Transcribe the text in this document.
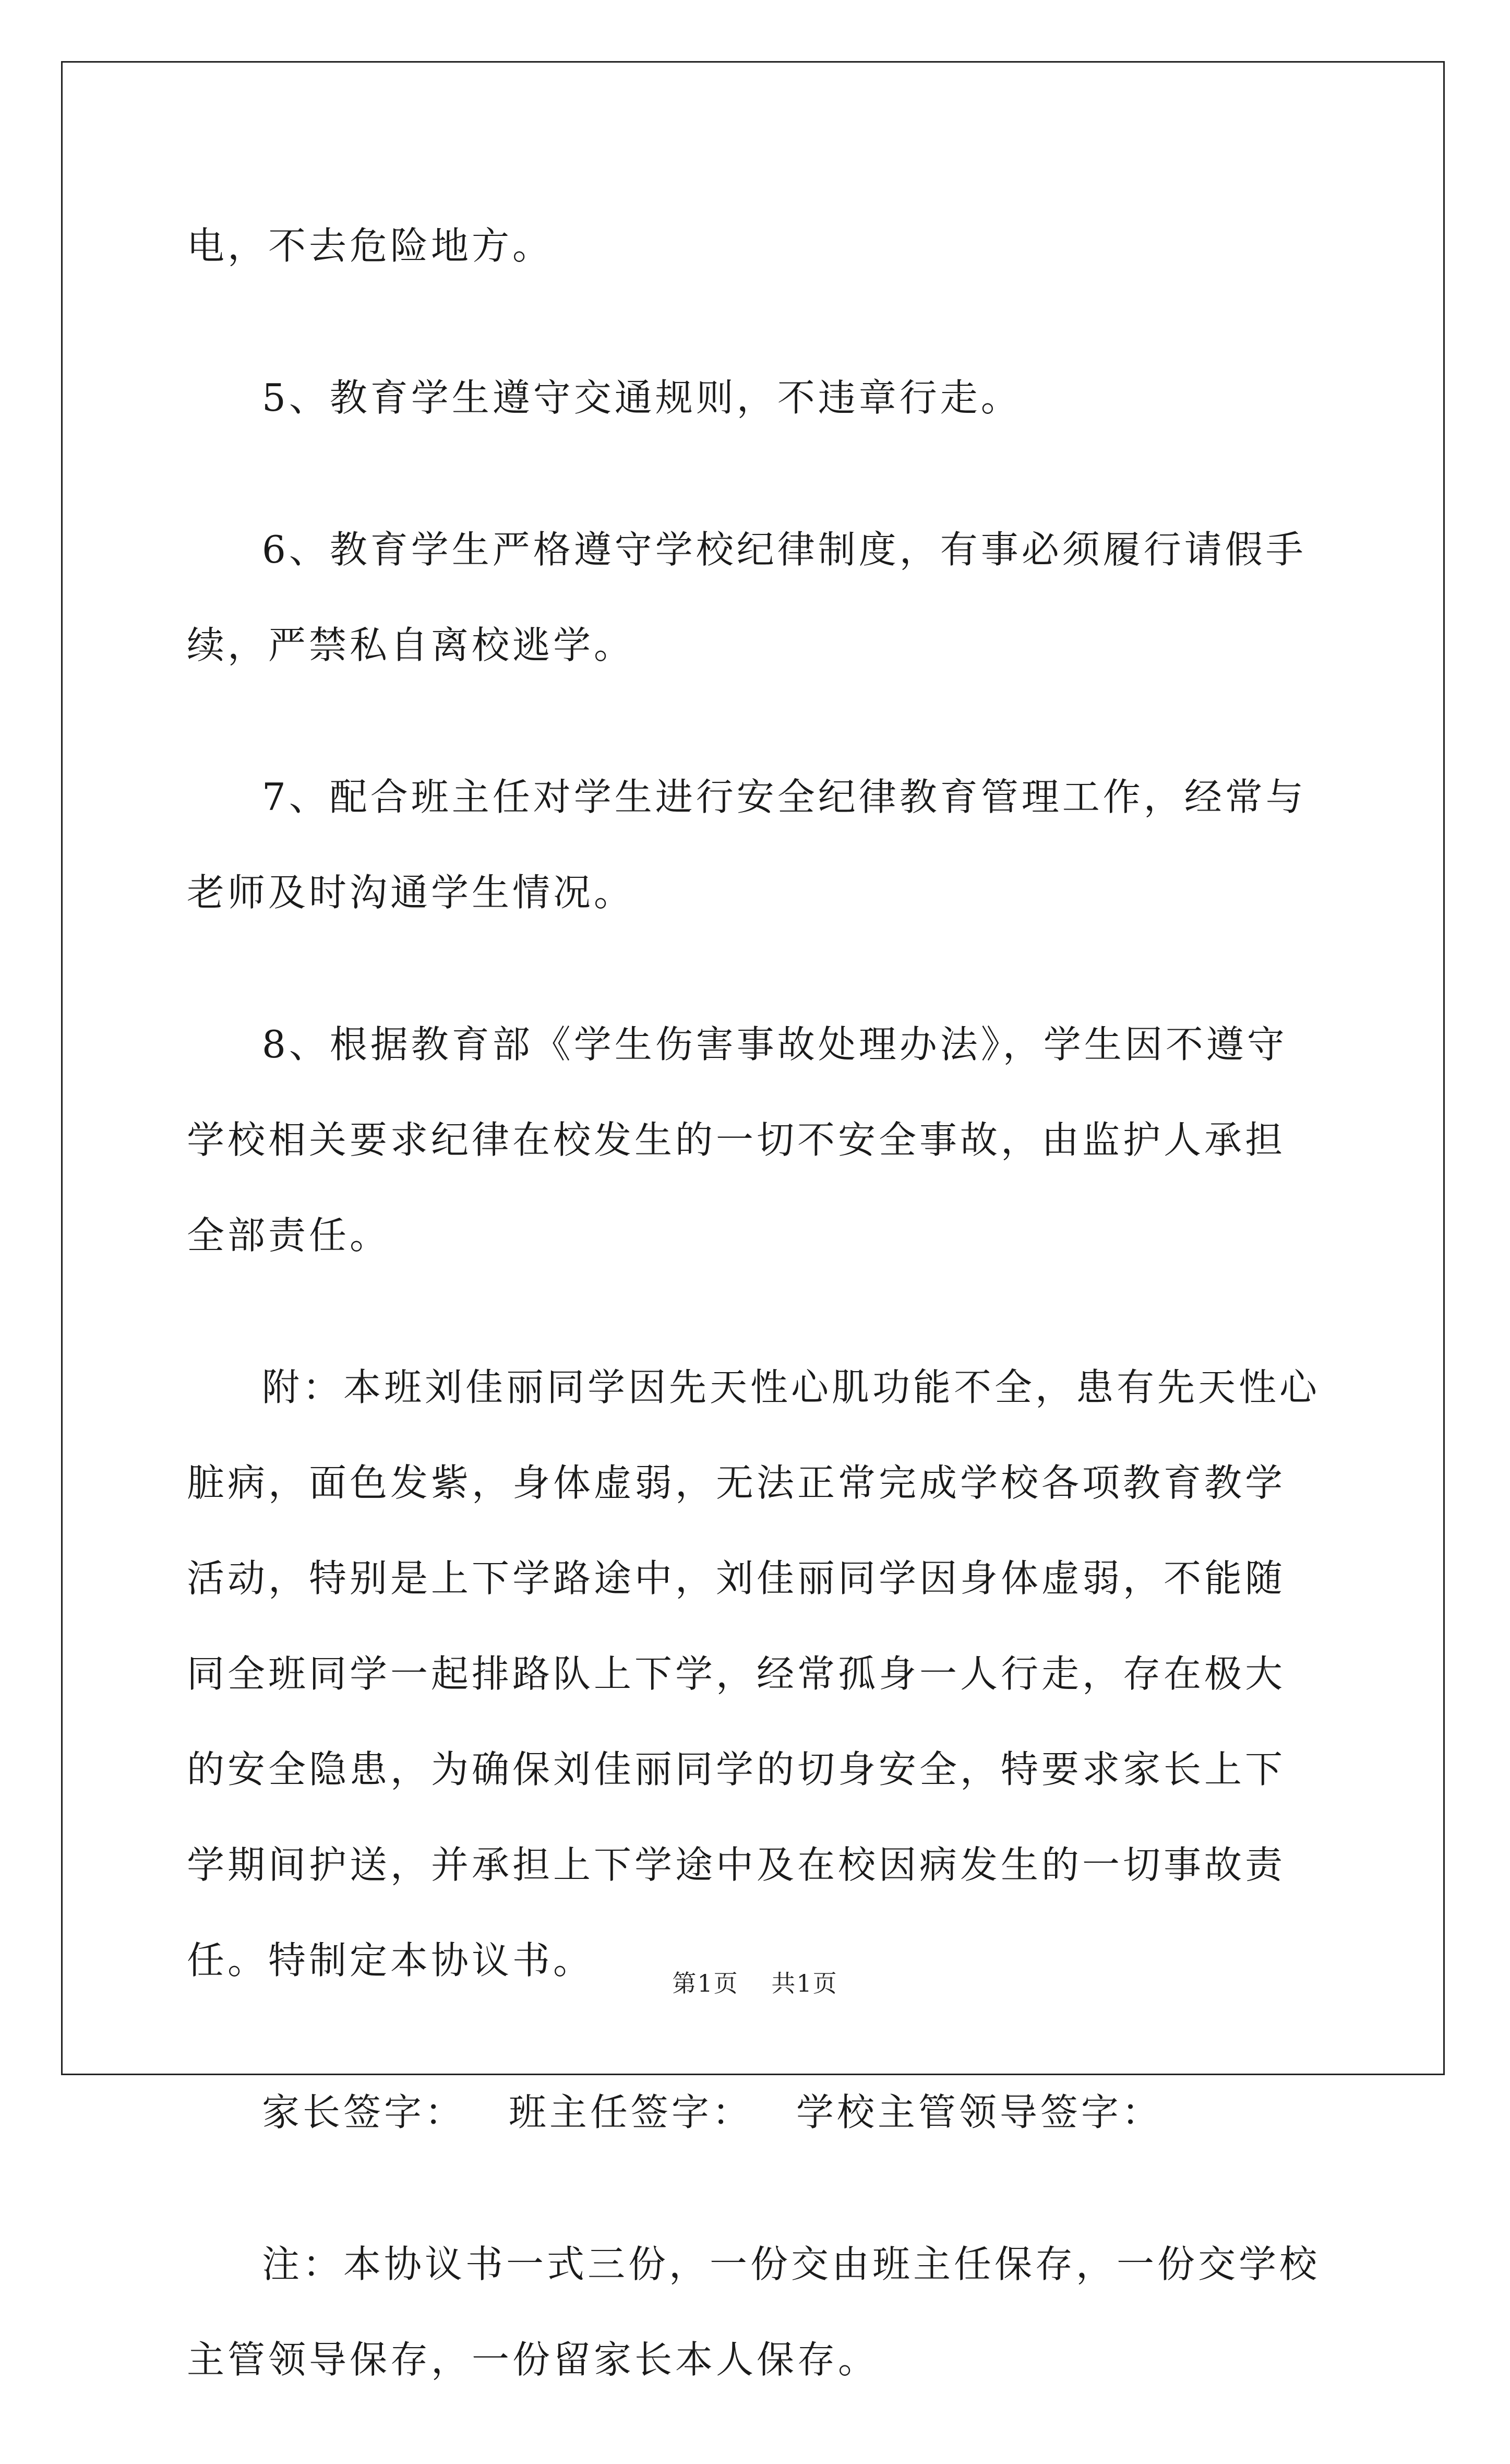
电，不去危险地方。

5、教育学生遵守交通规则，不违章行走。

6、教育学生严格遵守学校纪律制度，有事必须履行请假手续，严禁私自离校逃学。

7、配合班主任对学生进行安全纪律教育管理工作，经常与老师及时沟通学生情况。

8、根据教育部《学生伤害事故处理办法》，学生因不遵守学校相关要求纪律在校发生的一切不安全事故，由监护人承担全部责任。

附：本班刘佳丽同学因先天性心肌功能不全，患有先天性心脏病，面色发紫，身体虚弱，无法正常完成学校各项教育教学活动，特别是上下学路途中，刘佳丽同学因身体虚弱，不能随同全班同学一起排路队上下学，经常孤身一人行走，存在极大的安全隐患，为确保刘佳丽同学的切身安全，特要求家长上下学期间护送，并承担上下学途中及在校因病发生的一切事故责任。特制定本协议书。

家长签字： 班主任签字： 学校主管领导签字：

注：本协议书一式三份，一份交由班主任保存，一份交学校主管领导保存，一份留家长本人保存。

第1页 共1页
